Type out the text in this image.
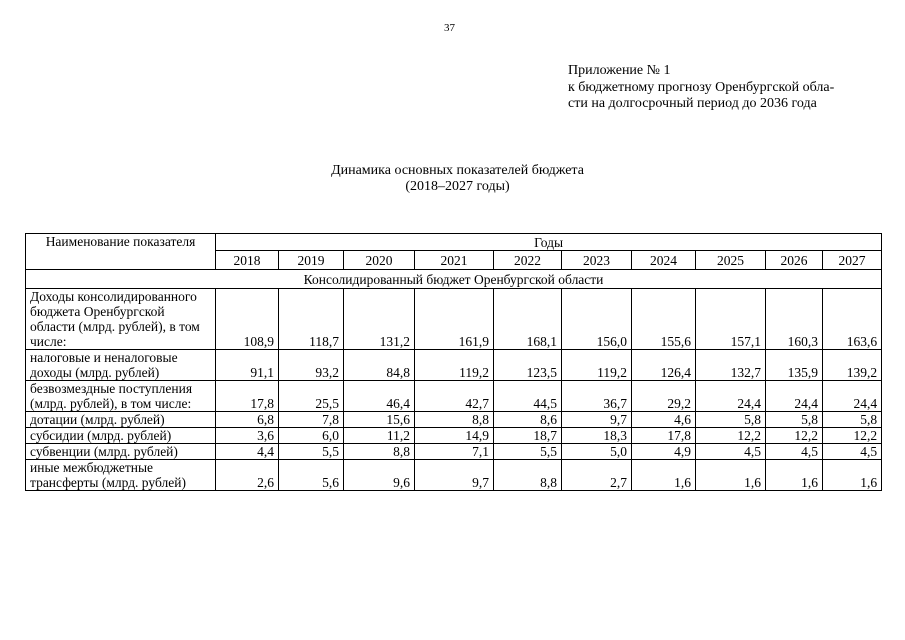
37
Приложение № 1
к бюджетному прогнозу Оренбургской обла-
сти на долгосрочный период до 2036 года
Динамика основных показателей бюджета
(2018–2027 годы)
Наименование показателя	Годы									
	2018	2019	2020	2021	2022	2023	2024	2025	2026	2027
Консолидированный бюджет Оренбургской области										
Доходы консолидированного бюджета Оренбургской области (млрд. рублей), в том числе:	108,9	118,7	131,2	161,9	168,1	156,0	155,6	157,1	160,3	163,6
налоговые и неналоговые доходы (млрд. рублей)	91,1	93,2	84,8	119,2	123,5	119,2	126,4	132,7	135,9	139,2
безвозмездные поступления (млрд. рублей), в том числе:	17,8	25,5	46,4	42,7	44,5	36,7	29,2	24,4	24,4	24,4
дотации (млрд. рублей)	6,8	7,8	15,6	8,8	8,6	9,7	4,6	5,8	5,8	5,8
субсидии (млрд. рублей)	3,6	6,0	11,2	14,9	18,7	18,3	17,8	12,2	12,2	12,2
субвенции (млрд. рублей)	4,4	5,5	8,8	7,1	5,5	5,0	4,9	4,5	4,5	4,5
иные межбюджетные трансферты (млрд. рублей)	2,6	5,6	9,6	9,7	8,8	2,7	1,6	1,6	1,6	1,6
